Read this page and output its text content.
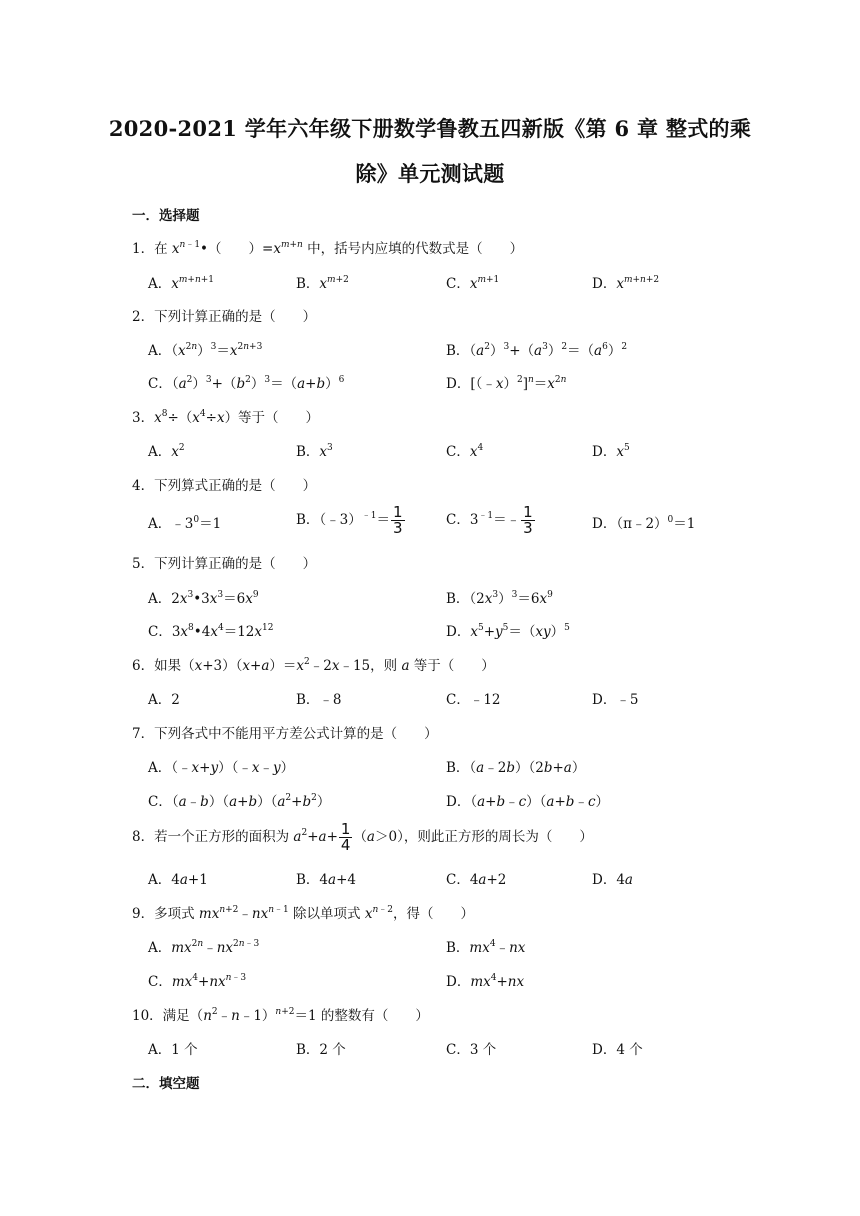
2020-2021 学年六年级下册数学鲁教五四新版《第 6 章 整式的乘
除》单元测试题
一．选择题
1．在 $x^{n﹣1}•$（　　）$=x^{m+n}$ 中，括号内应填的代数式是（　　）
A．$x^{m+n+1}$	B．$x^{m+2}$	C．$x^{m+1}$	D．$x^{m+n+2}$
2．下列计算正确的是（　　）
A．$(x^{2n})^3=x^{2n+3}$	B．$(a^2)^3+(a^3)^2=(a^6)^2$
C．$(a^2)^3+(b^2)^3=(a+b)^6$	D．$[(﹣x)^2]^n=x^{2n}$
3．$x^8\div(x^4\div x)$等于（　　）
A．$x^2$	B．$x^3$	C．$x^4$	D．$x^5$
4．下列算式正确的是（　　）
A．$﹣3^0=1$	B．（﹣3）$^{﹣1}$＝ $\frac{1}{3}$	C．$3^{﹣1}=﹣ \frac{1}{3}$	D．（π﹣2）$^0$＝1
5．下列计算正确的是（　　）
A．$2x^3•3x^3=6x^9$	B．$(2x^3)^3=6x^9$
C．$3x^8•4x^4=12x^{12}$	D．$x^5+y^5=(xy)^5$
6．如果$(x+3)(x+a)=x^2﹣2x﹣15$，则 a 等于（　　）
A．2	B．﹣8	C．﹣12	D．﹣5
7．下列各式中不能用平方差公式计算的是（　　）
A．（﹣x+y）（﹣x﹣y）	B．（a﹣2b）（2b+a）
C．$(a﹣b)(a+b)(a^2+b^2)$	D．（a+b﹣c）（a+b﹣c）
8．若一个正方形的面积为 $a^2+a+ \frac{1}{4} (a>0)$，则此正方形的周长为（　　）
A．4a+1	B．4a+4	C．4a+2	D．4a
9．多项式 $mx^{n+2}﹣nx^{n﹣1}$ 除以单项式 $x^{n﹣2}$，得（　　）
A．$mx^{2n}﹣nx^{2n﹣3}$	B．$mx^4﹣nx$
C．$mx^4+nx^{n﹣3}$	D．$mx^4+nx$
10．满足$(n^2﹣n﹣1)^{n+2}=1$ 的整数有（　　）
A．1 个	B．2 个	C．3 个	D．4 个
二．填空题
